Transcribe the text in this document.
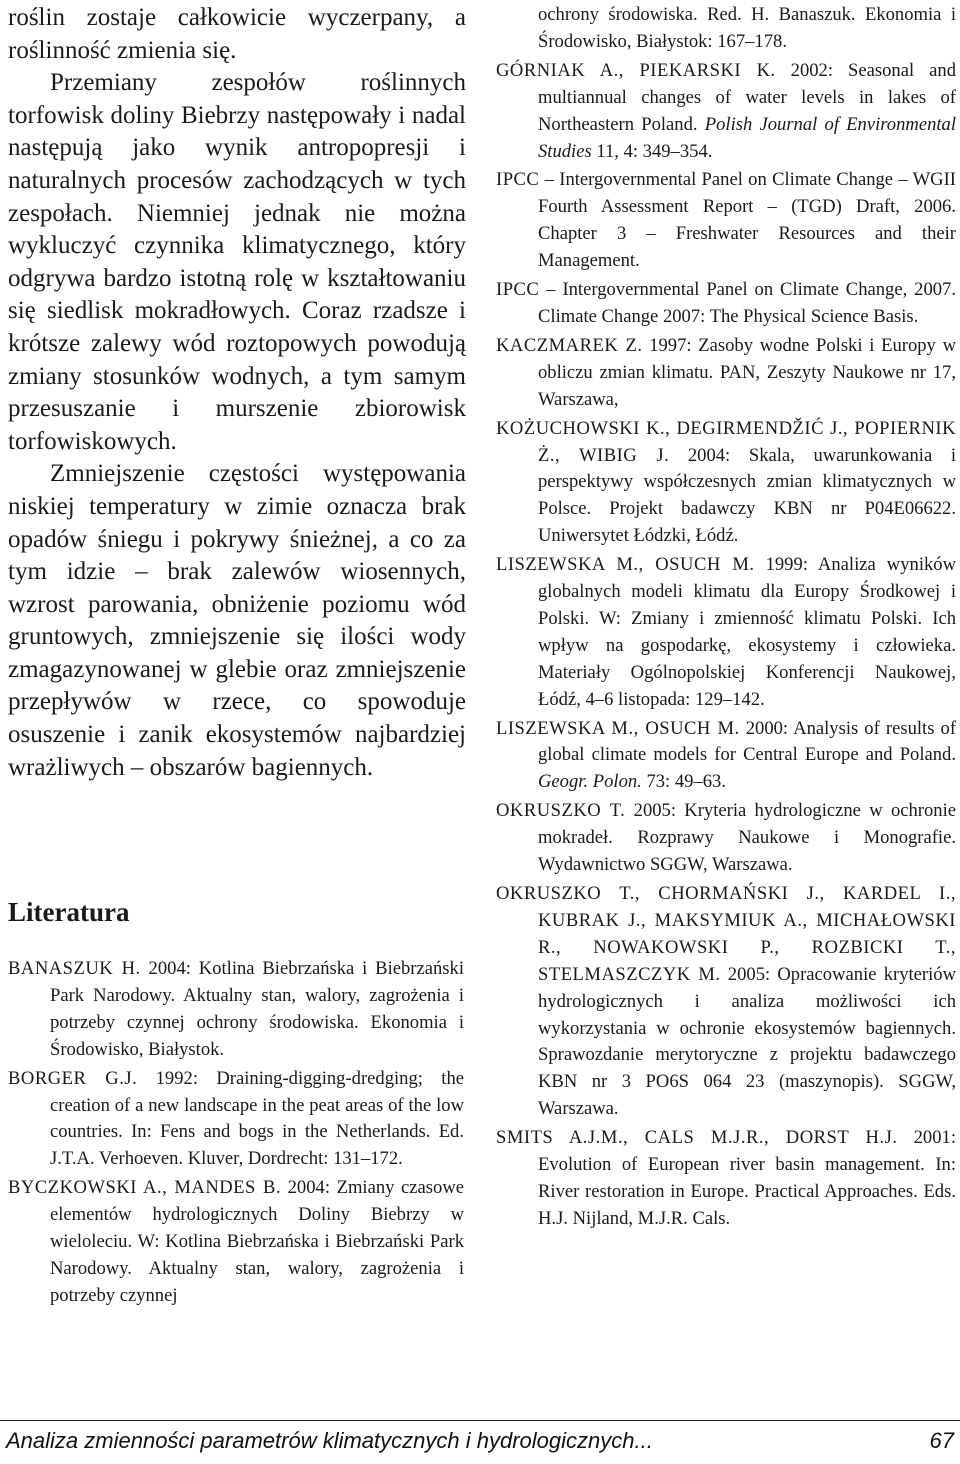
roślin zostaje całkowicie wyczerpany, a roślinność zmienia się.

Przemiany zespołów roślinnych torfowisk doliny Biebrzy następowały i nadal następują jako wynik antropopresji i naturalnych procesów zachodzących w tych zespołach. Niemniej jednak nie można wykluczyć czynnika klimatycznego, który odgrywa bardzo istotną rolę w kształtowaniu się siedlisk mokradłowych. Coraz rzadsze i krótsze zalewy wód roztopowych powodują zmiany stosunków wodnych, a tym samym przesuszanie i murszenie zbiorowisk torfowiskowych.

Zmniejszenie częstości występowania niskiej temperatury w zimie oznacza brak opadów śniegu i pokrywy śnieżnej, a co za tym idzie – brak zalewów wiosennych, wzrost parowania, obniżenie poziomu wód gruntowych, zmniejszenie się ilości wody zmagazynowanej w glebie oraz zmniejszenie przepływów w rzece, co spowoduje osuszenie i zanik ekosystemów najbardziej wrażliwych – obszarów bagiennych.

Literatura

BANASZUK H. 2004: Kotlina Biebrzańska i Biebrzański Park Narodowy. Aktualny stan, walory, zagrożenia i potrzeby czynnej ochrony środowiska. Ekonomia i Środowisko, Białystok.

BORGER G.J. 1992: Draining-digging-dredging; the creation of a new landscape in the peat areas of the low countries. In: Fens and bogs in the Netherlands. Ed. J.T.A. Verhoeven. Kluver, Dordrecht: 131–172.

BYCZKOWSKI A., MANDES B. 2004: Zmiany czasowe elementów hydrologicznych Doliny Biebrzy w wieloleciu. W: Kotlina Biebrzańska i Biebrzański Park Narodowy. Aktualny stan, walory, zagrożenia i potrzeby czynnej

ochrony środowiska. Red. H. Banaszuk. Ekonomia i Środowisko, Białystok: 167–178.

GÓRNIAK A., PIEKARSKI K. 2002: Seasonal and multiannual changes of water levels in lakes of Northeastern Poland. Polish Journal of Environmental Studies 11, 4: 349–354.

IPCC – Intergovernmental Panel on Climate Change – WGII Fourth Assessment Report – (TGD) Draft, 2006. Chapter 3 – Freshwater Resources and their Management.

IPCC – Intergovernmental Panel on Climate Change, 2007. Climate Change 2007: The Physical Science Basis.

KACZMAREK Z. 1997: Zasoby wodne Polski i Europy w obliczu zmian klimatu. PAN, Zeszyty Naukowe nr 17, Warszawa,

KOŻUCHOWSKI K., DEGIRMENDŽIĆ J., POPIERNIK Ż., WIBIG J. 2004: Skala, uwarunkowania i perspektywy współczesnych zmian klimatycznych w Polsce. Projekt badawczy KBN nr P04E06622. Uniwersytet Łódzki, Łódź.

LISZEWSKA M., OSUCH M. 1999: Analiza wyników globalnych modeli klimatu dla Europy Środkowej i Polski. W: Zmiany i zmienność klimatu Polski. Ich wpływ na gospodarkę, ekosystemy i człowieka. Materiały Ogólnopolskiej Konferencji Naukowej, Łódź, 4–6 listopada: 129–142.

LISZEWSKA M., OSUCH M. 2000: Analysis of results of global climate models for Central Europe and Poland. Geogr. Polon. 73: 49–63.

OKRUSZKO T. 2005: Kryteria hydrologiczne w ochronie mokradeł. Rozprawy Naukowe i Monografie. Wydawnictwo SGGW, Warszawa.

OKRUSZKO T., CHORMAŃSKI J., KARDEL I., KUBRAK J., MAKSYMIUK A., MICHAŁOWSKI R., NOWAKOWSKI P., ROZBICKI T., STELMASZCZYK M. 2005: Opracowanie kryteriów hydrologicznych i analiza możliwości ich wykorzystania w ochronie ekosystemów bagiennych. Sprawozdanie merytoryczne z projektu badawczego KBN nr 3 PO6S 064 23 (maszynopis). SGGW, Warszawa.

SMITS A.J.M., CALS M.J.R., DORST H.J. 2001: Evolution of European river basin management. In: River restoration in Europe. Practical Approaches. Eds. H.J. Nijland, M.J.R. Cals.

Analiza zmienności parametrów klimatycznych i hydrologicznych...	67
